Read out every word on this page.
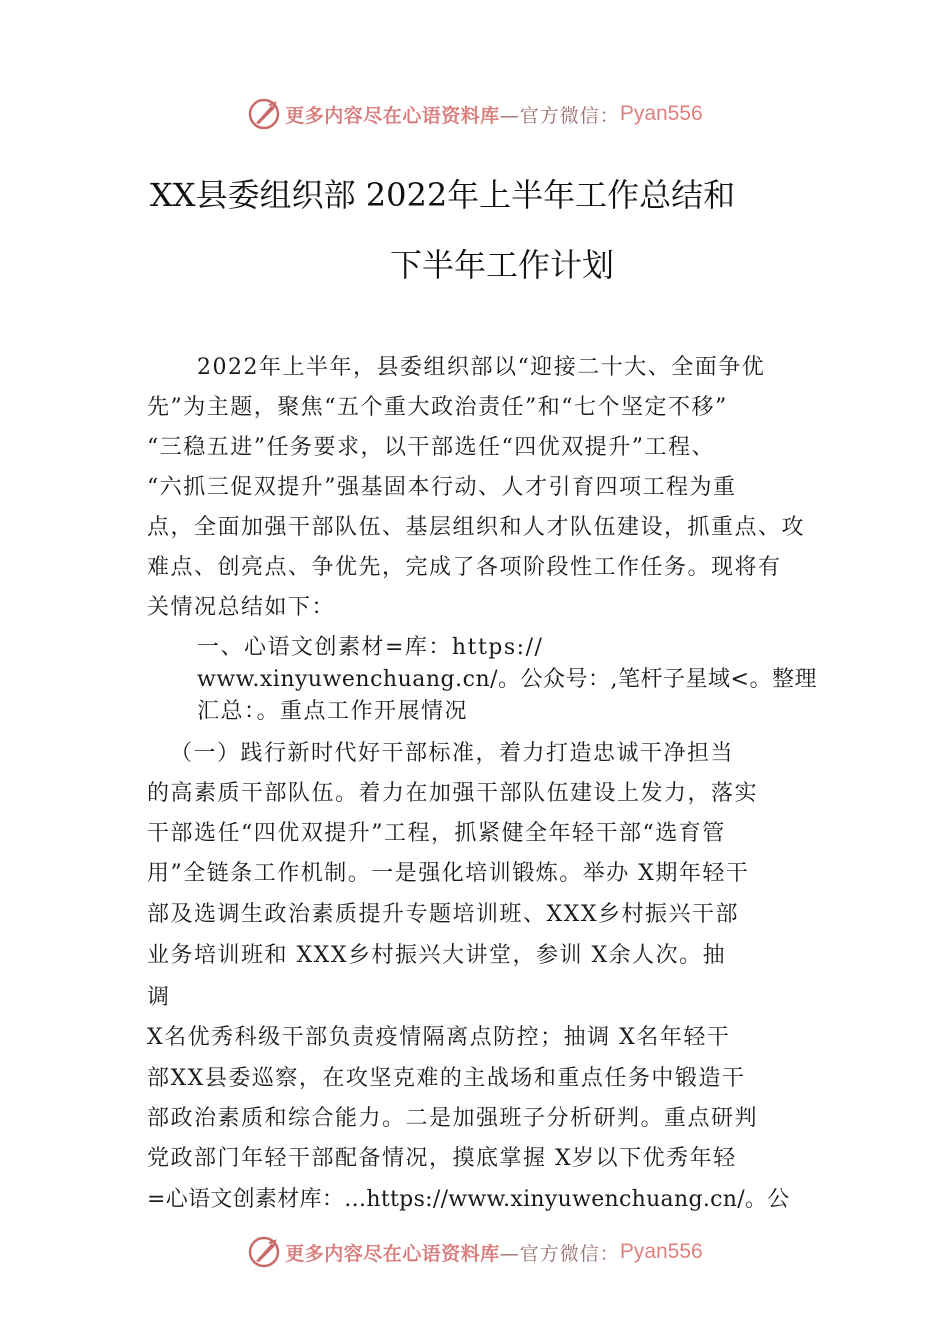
更多内容尽在心语资料库 —官方微信： Pyan556
XX县委组织部 2022年上半年工作总结和
下半年工作计划
2022年上半年，县委组织部以“迎接二十大、全面争优
先”为主题，聚焦“五个重大政治责任”和“七个坚定不移”
“三稳五进”任务要求，以干部选任“四优双提升”工程、
“六抓三促双提升”强基固本行动、人才引育四项工程为重
点，全面加强干部队伍、基层组织和人才队伍建设，抓重点、攻
难点、创亮点、争优先，完成了各项阶段性工作任务。现将有
关情况总结如下：
一、心语文创素材=库：https://
www.xinyuwenchuang.cn/。公众号：,笔杆子星域<。整理
汇总：。重点工作开展情况
（一）践行新时代好干部标准，着力打造忠诚干净担当
的高素质干部队伍。着力在加强干部队伍建设上发力，落实
干部选任“四优双提升”工程，抓紧健全年轻干部“选育管
用”全链条工作机制。一是强化培训锻炼。举办 X期年轻干
部及选调生政治素质提升专题培训班、XXX乡村振兴干部
业务培训班和 XXX乡村振兴大讲堂，参训 X余人次。抽
调
X名优秀科级干部负责疫情隔离点防控；抽调 X名年轻干
部XX县委巡察，在攻坚克难的主战场和重点任务中锻造干
部政治素质和综合能力。二是加强班子分析研判。重点研判
党政部门年轻干部配备情况，摸底掌握 X岁以下优秀年轻
=心语文创素材库：…https://www.xinyuwenchuang.cn/。公
更多内容尽在心语资料库 —官方微信： Pyan556
